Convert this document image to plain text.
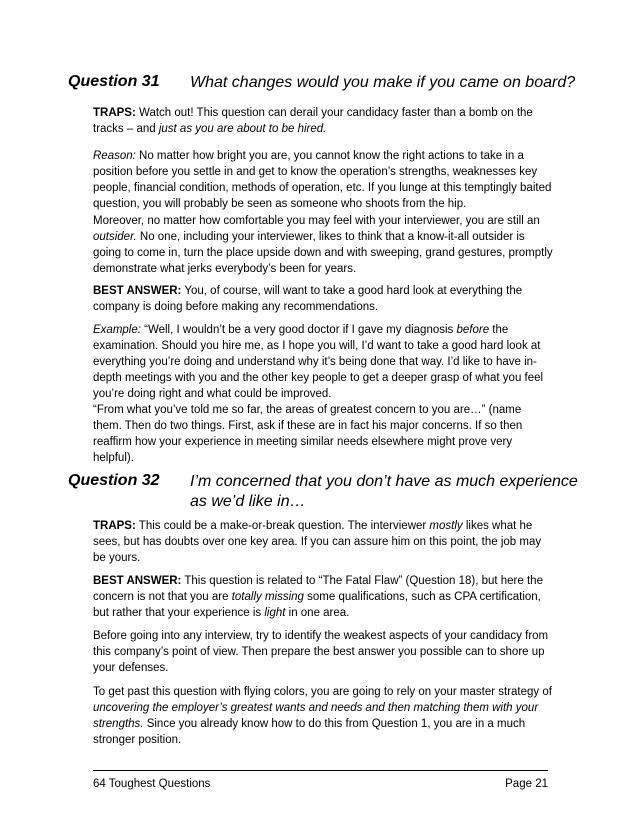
Question 31 What changes would you make if you came on board?
TRAPS: Watch out! This question can derail your candidacy faster than a bomb on the tracks – and just as you are about to be hired.
Reason: No matter how bright you are, you cannot know the right actions to take in a position before you settle in and get to know the operation’s strengths, weaknesses key people, financial condition, methods of operation, etc. If you lunge at this temptingly baited question, you will probably be seen as someone who shoots from the hip.
Moreover, no matter how comfortable you may feel with your interviewer, you are still an outsider. No one, including your interviewer, likes to think that a know-it-all outsider is going to come in, turn the place upside down and with sweeping, grand gestures, promptly demonstrate what jerks everybody’s been for years.
BEST ANSWER: You, of course, will want to take a good hard look at everything the company is doing before making any recommendations.
Example: “Well, I wouldn’t be a very good doctor if I gave my diagnosis before the examination. Should you hire me, as I hope you will, I’d want to take a good hard look at everything you’re doing and understand why it’s being done that way. I’d like to have in-depth meetings with you and the other key people to get a deeper grasp of what you feel you’re doing right and what could be improved.
“From what you’ve told me so far, the areas of greatest concern to you are…” (name them. Then do two things. First, ask if these are in fact his major concerns. If so then reaffirm how your experience in meeting similar needs elsewhere might prove very helpful).
Question 32 I’m concerned that you don’t have as much experience as we’d like in…
TRAPS: This could be a make-or-break question. The interviewer mostly likes what he sees, but has doubts over one key area. If you can assure him on this point, the job may be yours.
BEST ANSWER: This question is related to “The Fatal Flaw” (Question 18), but here the concern is not that you are totally missing some qualifications, such as CPA certification, but rather that your experience is light in one area.
Before going into any interview, try to identify the weakest aspects of your candidacy from this company’s point of view. Then prepare the best answer you possible can to shore up your defenses.
To get past this question with flying colors, you are going to rely on your master strategy of uncovering the employer’s greatest wants and needs and then matching them with your strengths. Since you already know how to do this from Question 1, you are in a much stronger position.
64 Toughest Questions	Page 21
